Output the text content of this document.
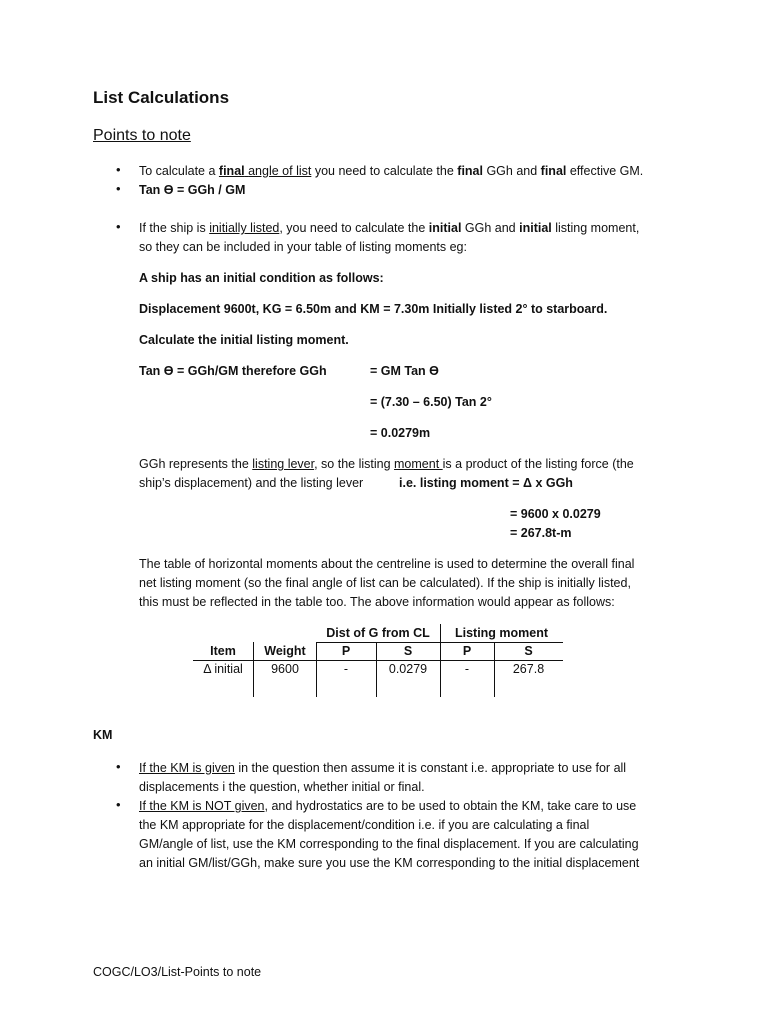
List Calculations
Points to note
• To calculate a final angle of list you need to calculate the final GGh and final effective GM.
• Tan ϴ = GGh / GM
• If the ship is initially listed, you need to calculate the initial GGh and initial listing moment,
so they can be included in your table of listing moments eg:
A ship has an initial condition as follows:
Displacement 9600t, KG = 6.50m and KM = 7.30m Initially listed 2° to starboard.
Calculate the initial listing moment.
Tan ϴ = GGh/GM therefore GGh	= GM Tan ϴ
= (7.30 – 6.50) Tan 2°
= 0.0279m
GGh represents the listing lever, so the listing moment is a product of the listing force (the
ship’s displacement) and the listing lever	i.e. listing moment = Δ x GGh
= 9600 x 0.0279
= 267.8t-m
The table of horizontal moments about the centreline is used to determine the overall final
net listing moment (so the final angle of list can be calculated). If the ship is initially listed,
this must be reflected in the table too. The above information would appear as follows:
Dist of G from CL	Listing moment
Item	Weight	P	S	P	S
Δ initial	9600	-	0.0279	-	267.8
KM
• If the KM is given in the question then assume it is constant i.e. appropriate to use for all
displacements i the question, whether initial or final.
• If the KM is NOT given, and hydrostatics are to be used to obtain the KM, take care to use
the KM appropriate for the displacement/condition i.e. if you are calculating a final
GM/angle of list, use the KM corresponding to the final displacement. If you are calculating
an initial GM/list/GGh, make sure you use the KM corresponding to the initial displacement
COGC/LO3/List-Points to note
